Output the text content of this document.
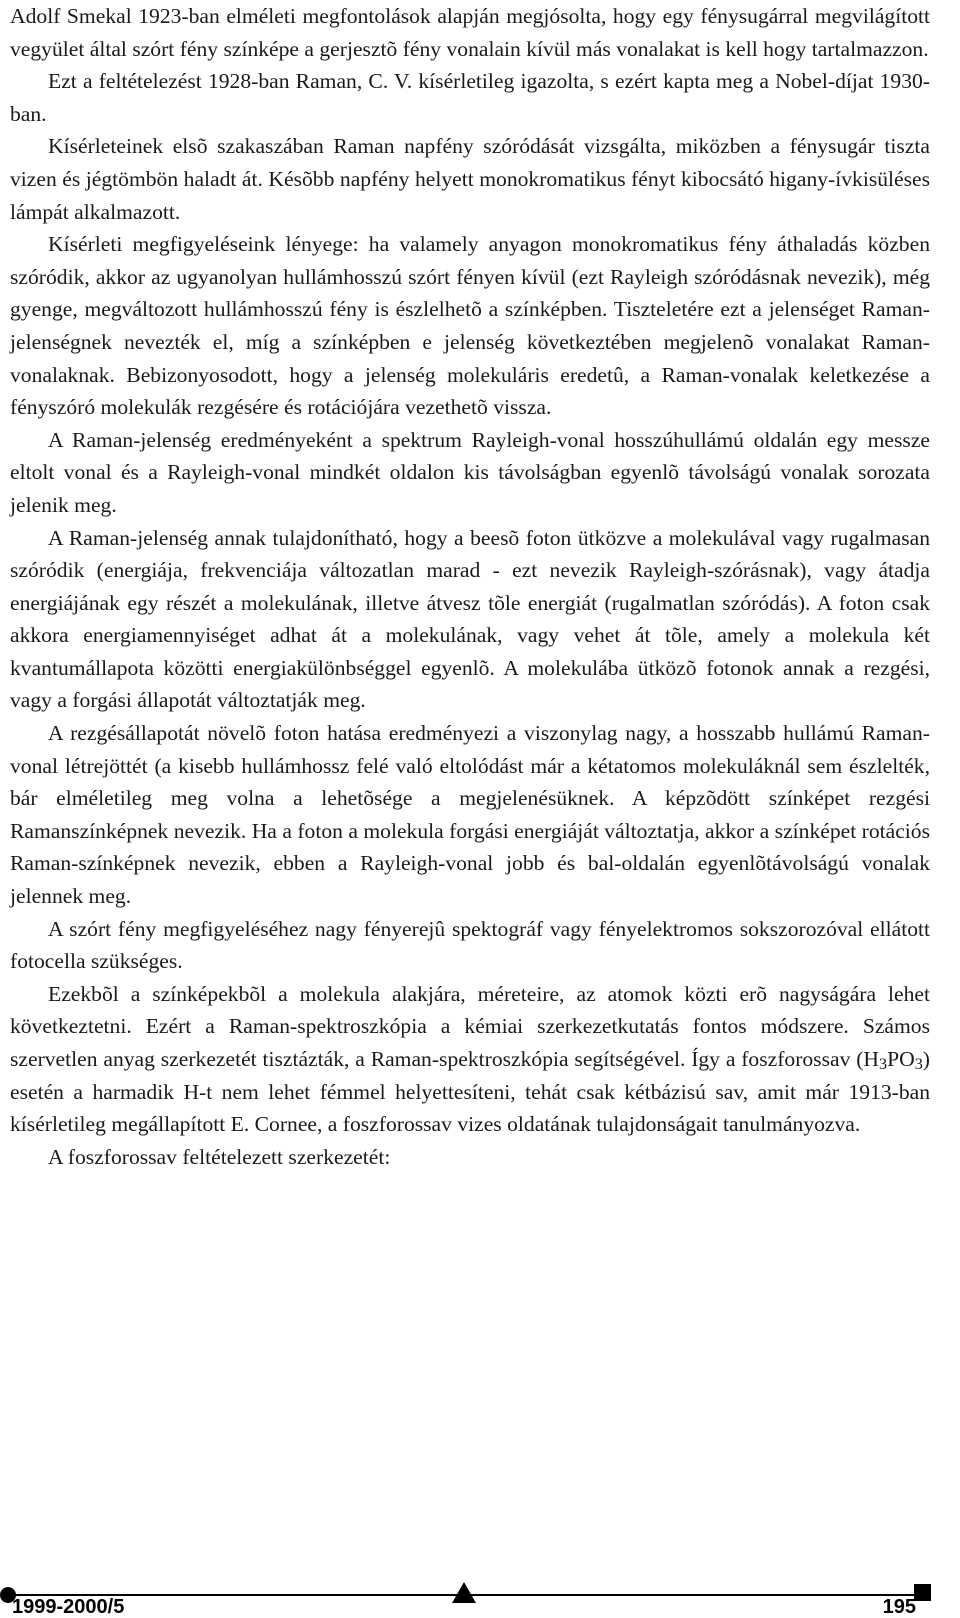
Adolf Smekal 1923-ban elméleti megfontolások alapján megjósolta, hogy egy fénysugárral megvilágított vegyület által szórt fény színképe a gerjesztõ fény vonalain kívül más vonalakat is kell hogy tartalmazzon.

Ezt a feltételezést 1928-ban Raman, C. V. kísérletileg igazolta, s ezért kapta meg a Nobel-díjat 1930-ban.

Kísérleteinek elsõ szakaszában Raman napfény szóródását vizsgálta, miközben a fénysugár tiszta vizen és jégtömbön haladt át. Késõbb napfény helyett monokromatikus fényt kibocsátó higany-ívkisüléses lámpát alkalmazott.

Kísérleti megfigyeléseink lényege: ha valamely anyagon monokromatikus fény áthaladás közben szóródik, akkor az ugyanolyan hullámhosszú szórt fényen kívül (ezt Rayleigh szóródásnak nevezik), még gyenge, megváltozott hullámhosszú fény is észlelhetõ a színképben. Tiszteletére ezt a jelenséget Raman-jelenségnek nevezték el, míg a színképben e jelenség következtében megjelenõ vonalakat Raman-vonalaknak. Bebizonyosodott, hogy a jelenség molekuláris eredetû, a Raman-vonalak keletkezése a fényszóró molekulák rezgésére és rotációjára vezethetõ vissza.

A Raman-jelenség eredményeként a spektrum Rayleigh-vonal hosszúhullámú oldalán egy messze eltolt vonal és a Rayleigh-vonal mindkét oldalon kis távolságban egyenlõ távolságú vonalak sorozata jelenik meg.

A Raman-jelenség annak tulajdonítható, hogy a beesõ foton ütközve a molekulával vagy rugalmasan szóródik (energiája, frekvenciája változatlan marad - ezt nevezik Rayleigh-szórásnak), vagy átadja energiájának egy részét a molekulának, illetve átvesz tõle energiát (rugalmatlan szóródás). A foton csak akkora energiamennyiséget adhat át a molekulának, vagy vehet át tõle, amely a molekula két kvantumállapota közötti energiakülönbséggel egyenlõ. A molekulába ütközõ fotonok annak a rezgési, vagy a forgási állapotát változtatják meg.

A rezgésállapotát növelõ foton hatása eredményezi a viszonylag nagy, a hosszabb hullámú Raman-vonal létrejöttét (a kisebb hullámhossz felé való eltolódást már a kétatomos molekuláknál sem észlelték, bár elméletileg meg volna a lehetõsége a megjelenésüknek. A képzõdött színképet rezgési Ramanszínképnek nevezik. Ha a foton a molekula forgási energiáját változtatja, akkor a színképet rotációs Raman-színképnek nevezik, ebben a Rayleigh-vonal jobb és bal-oldalán egyenlõtávolságú vonalak jelennek meg.

A szórt fény megfigyeléséhez nagy fényerejû spektográf vagy fényelektromos sokszorozóval ellátott fotocella szükséges.

Ezekbõl a színképekbõl a molekula alakjára, méreteire, az atomok közti erõ nagyságára lehet következtetni. Ezért a Raman-spektroszkópia a kémiai szerkezetkutatás fontos módszere. Számos szervetlen anyag szerkezetét tisztázták, a Raman-spektroszkópia segítségével. Így a foszforossav $(H_3PO_3)$ esetén a harmadik H-t nem lehet fémmel helyettesíteni, tehát csak kétbázisú sav, amit már 1913-ban kísérletileg megállapított E. Cornee, a foszforossav vizes oldatának tulajdonságait tanulmányozva.

A foszforossav feltételezett szerkezetét:

1999-2000/5	195
